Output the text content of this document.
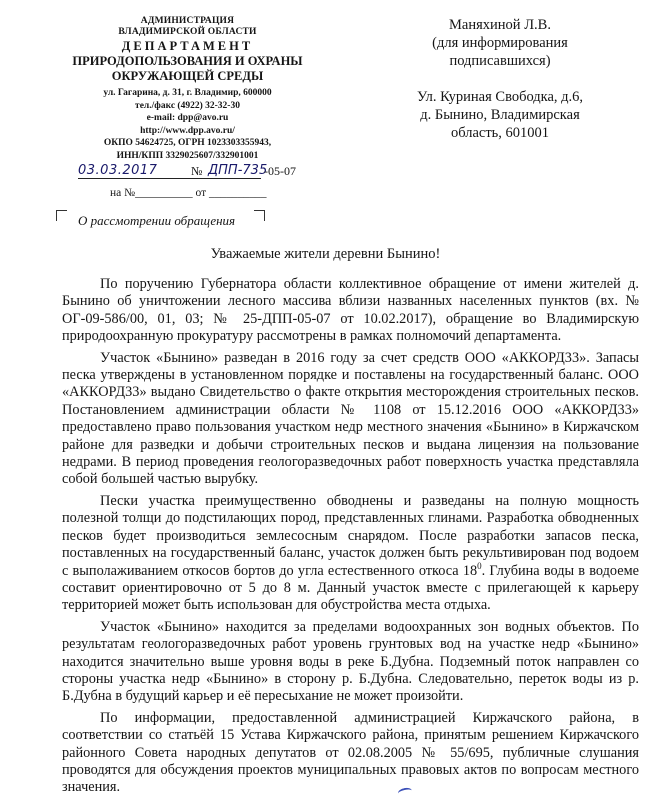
АДМИНИСТРАЦИЯ
ВЛАДИМИРСКОЙ ОБЛАСТИ
ДЕПАРТАМЕНТ
ПРИРОДОПОЛЬЗОВАНИЯ И ОХРАНЫ
ОКРУЖАЮЩЕЙ СРЕДЫ
ул. Гагарина, д. 31, г. Владимир, 600000
тел./факс (4922) 32-32-30
e-mail: dpp@avo.ru
http://www.dpp.avo.ru/
ОКПО 54624725, ОГРН 1023303355943,
ИНН/КПП 3329025607/332901001
03.03.2017	№ ДПП-735
-05-07
на №__________ от __________
О рассмотрении обращения
Маняхиной Л.В.
(для информирования
подписавшихся)
Ул. Куриная Свободка, д.6,
д. Бынино, Владимирская
область, 601001
Уважаемые жители деревни Бынино!

По поручению Губернатора области коллективное обращение от имени жителей д. Бынино об уничтожении лесного массива вблизи названных населенных пунктов (вх. № ОГ-09-586/00, 01, 03; № 25-ДПП-05-07 от 10.02.2017), обращение во Владимирскую природоохранную прокуратуру рассмотрены в рамках полномочий департамента.

Участок «Бынино» разведан в 2016 году за счет средств ООО «АККОРД33». Запасы песка утверждены в установленном порядке и поставлены на государственный баланс. ООО «АККОРД33» выдано Свидетельство о факте открытия месторождения строительных песков. Постановлением администрации области № 1108 от 15.12.2016 ООО «АККОРД33» предоставлено право пользования участком недр местного значения «Бынино» в Киржачском районе для разведки и добычи строительных песков и выдана лицензия на пользование недрами. В период проведения геологоразведочных работ поверхность участка представляла собой большей частью вырубку.

Пески участка преимущественно обводнены и разведаны на полную мощность полезной толщи до подстилающих пород, представленных глинами. Разработка обводненных песков будет производиться землесосным снарядом. После разработки запасов песка, поставленных на государственный баланс, участок должен быть рекультивирован под водоем с выполаживанием откосов бортов до угла естественного откоса $18^0$. Глубина воды в водоеме составит ориентировочно от 5 до 8 м. Данный участок вместе с прилегающей к карьеру территорией может быть использован для обустройства места отдыха.

Участок «Бынино» находится за пределами водоохранных зон водных объектов. По результатам геологоразведочных работ уровень грунтовых вод на участке недр «Бынино» находится значительно выше уровня воды в реке Б.Дубна. Подземный поток направлен со стороны участка недр «Бынино» в сторону р. Б.Дубна. Следовательно, переток воды из р. Б.Дубна в будущий карьер и её пересыхание не может произойти.

По информации, предоставленной администрацией Киржачского района, в соответствии со статьёй 15 Устава Киржачского района, принятым решением Киржачского районного Совета народных депутатов от 02.08.2005 № 55/695, публичные слушания проводятся для обсуждения проектов муниципальных правовых актов по вопросам местного значения.
